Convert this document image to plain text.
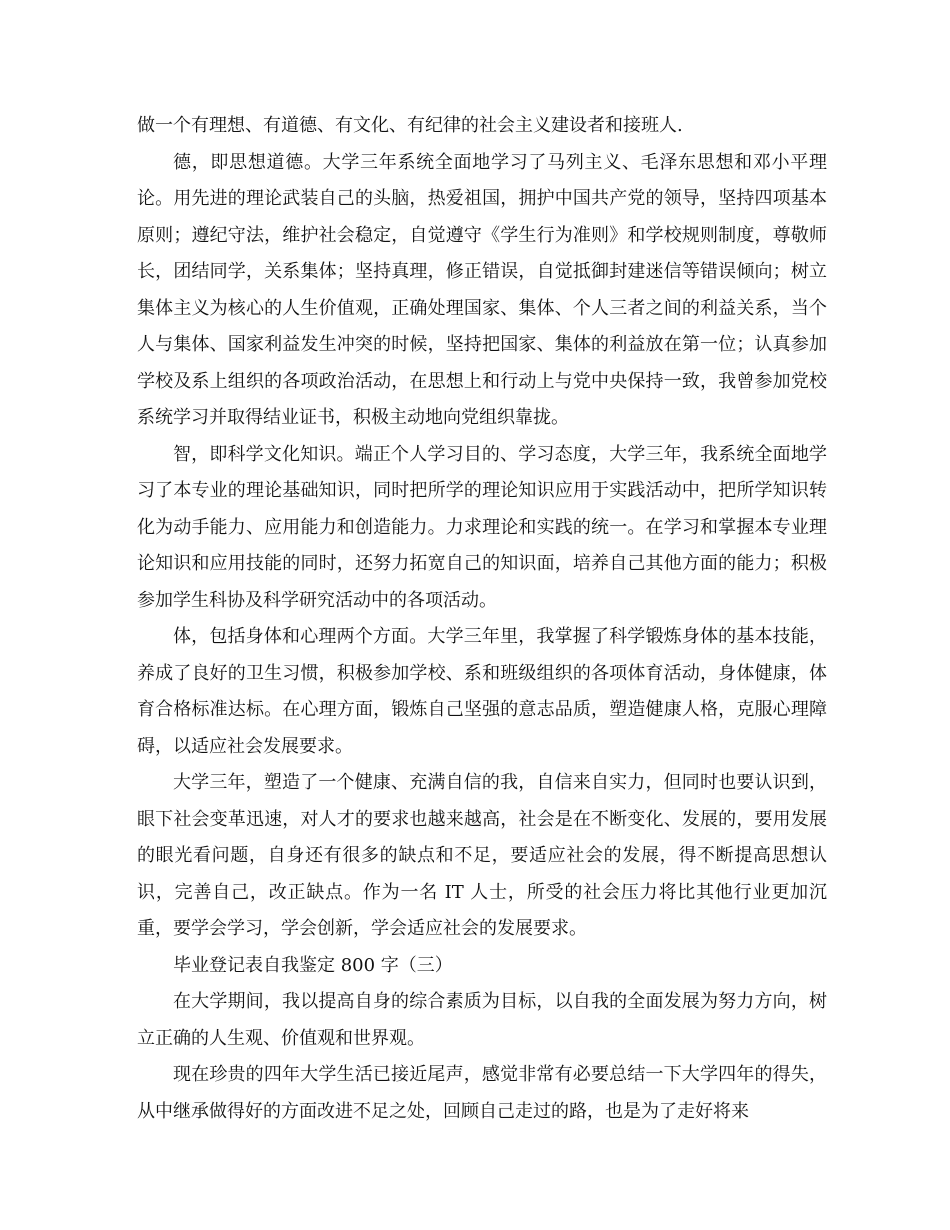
做一个有理想、有道德、有文化、有纪律的社会主义建设者和接班人.

德，即思想道德。大学三年系统全面地学习了马列主义、毛泽东思想和邓小平理论。用先进的理论武装自己的头脑，热爱祖国，拥护中国共产党的领导，坚持四项基本原则；遵纪守法，维护社会稳定，自觉遵守《学生行为准则》和学校规则制度，尊敬师长，团结同学，关系集体；坚持真理，修正错误，自觉抵御封建迷信等错误倾向；树立集体主义为核心的人生价值观，正确处理国家、集体、个人三者之间的利益关系，当个人与集体、国家利益发生冲突的时候，坚持把国家、集体的利益放在第一位；认真参加学校及系上组织的各项政治活动，在思想上和行动上与党中央保持一致，我曾参加党校系统学习并取得结业证书，积极主动地向党组织靠拢。

智，即科学文化知识。端正个人学习目的、学习态度，大学三年，我系统全面地学习了本专业的理论基础知识，同时把所学的理论知识应用于实践活动中，把所学知识转化为动手能力、应用能力和创造能力。力求理论和实践的统一。在学习和掌握本专业理论知识和应用技能的同时，还努力拓宽自己的知识面，培养自己其他方面的能力；积极参加学生科协及科学研究活动中的各项活动。

体，包括身体和心理两个方面。大学三年里，我掌握了科学锻炼身体的基本技能，养成了良好的卫生习惯，积极参加学校、系和班级组织的各项体育活动，身体健康，体育合格标准达标。在心理方面，锻炼自己坚强的意志品质，塑造健康人格，克服心理障碍，以适应社会发展要求。

大学三年，塑造了一个健康、充满自信的我，自信来自实力，但同时也要认识到，眼下社会变革迅速，对人才的要求也越来越高，社会是在不断变化、发展的，要用发展的眼光看问题，自身还有很多的缺点和不足，要适应社会的发展，得不断提高思想认识，完善自己，改正缺点。作为一名 IT 人士，所受的社会压力将比其他行业更加沉重，要学会学习，学会创新，学会适应社会的发展要求。

毕业登记表自我鉴定 800 字（三）

在大学期间，我以提高自身的综合素质为目标，以自我的全面发展为努力方向，树立正确的人生观、价值观和世界观。

现在珍贵的四年大学生活已接近尾声，感觉非常有必要总结一下大学四年的得失，从中继承做得好的方面改进不足之处，回顾自己走过的路，也是为了走好将来
